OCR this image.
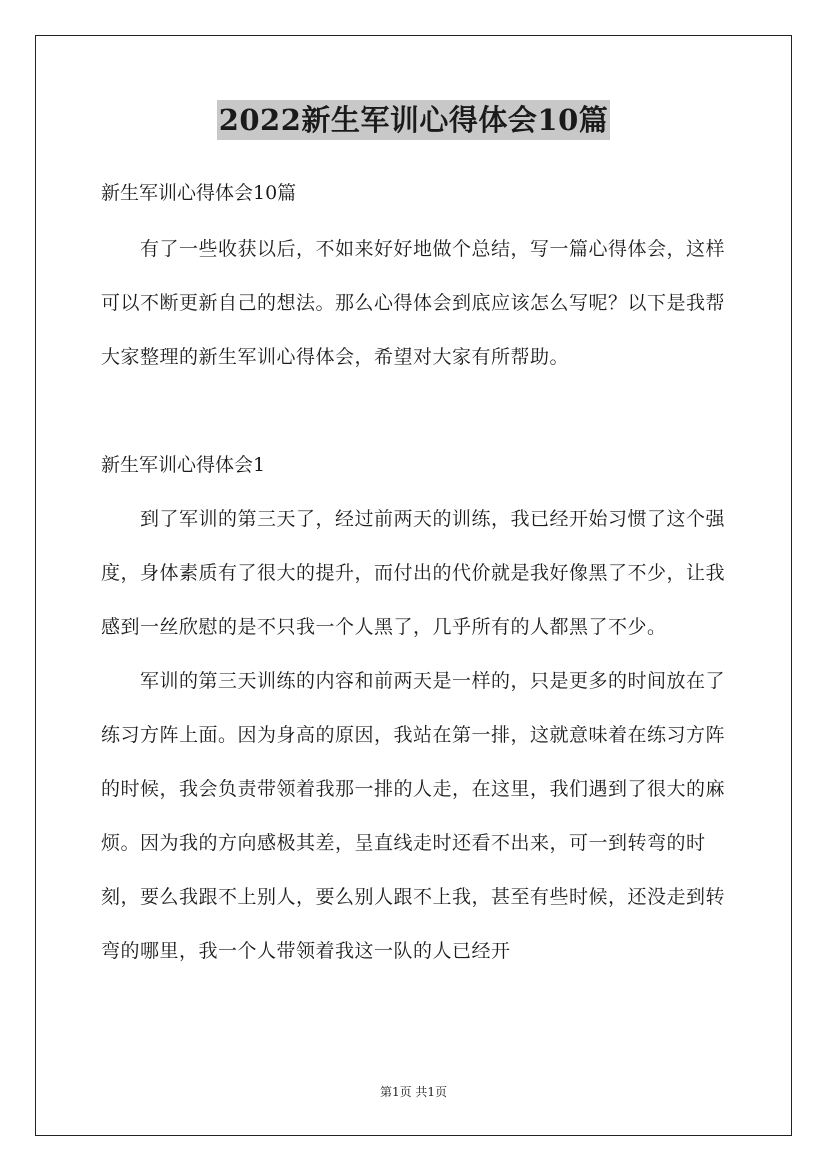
2022新生军训心得体会10篇
新生军训心得体会10篇

有了一些收获以后，不如来好好地做个总结，写一篇心得体会，这样可以不断更新自己的想法。那么心得体会到底应该怎么写呢？以下是我帮大家整理的新生军训心得体会，希望对大家有所帮助。

新生军训心得体会1

到了军训的第三天了，经过前两天的训练，我已经开始习惯了这个强度，身体素质有了很大的提升，而付出的代价就是我好像黑了不少，让我感到一丝欣慰的是不只我一个人黑了，几乎所有的人都黑了不少。

军训的第三天训练的内容和前两天是一样的，只是更多的时间放在了练习方阵上面。因为身高的原因，我站在第一排，这就意味着在练习方阵的时候，我会负责带领着我那一排的人走，在这里，我们遇到了很大的麻烦。因为我的方向感极其差，呈直线走时还看不出来，可一到转弯的时刻，要么我跟不上别人，要么别人跟不上我，甚至有些时候，还没走到转弯的哪里，我一个人带领着我这一队的人已经开

第1页 共1页
